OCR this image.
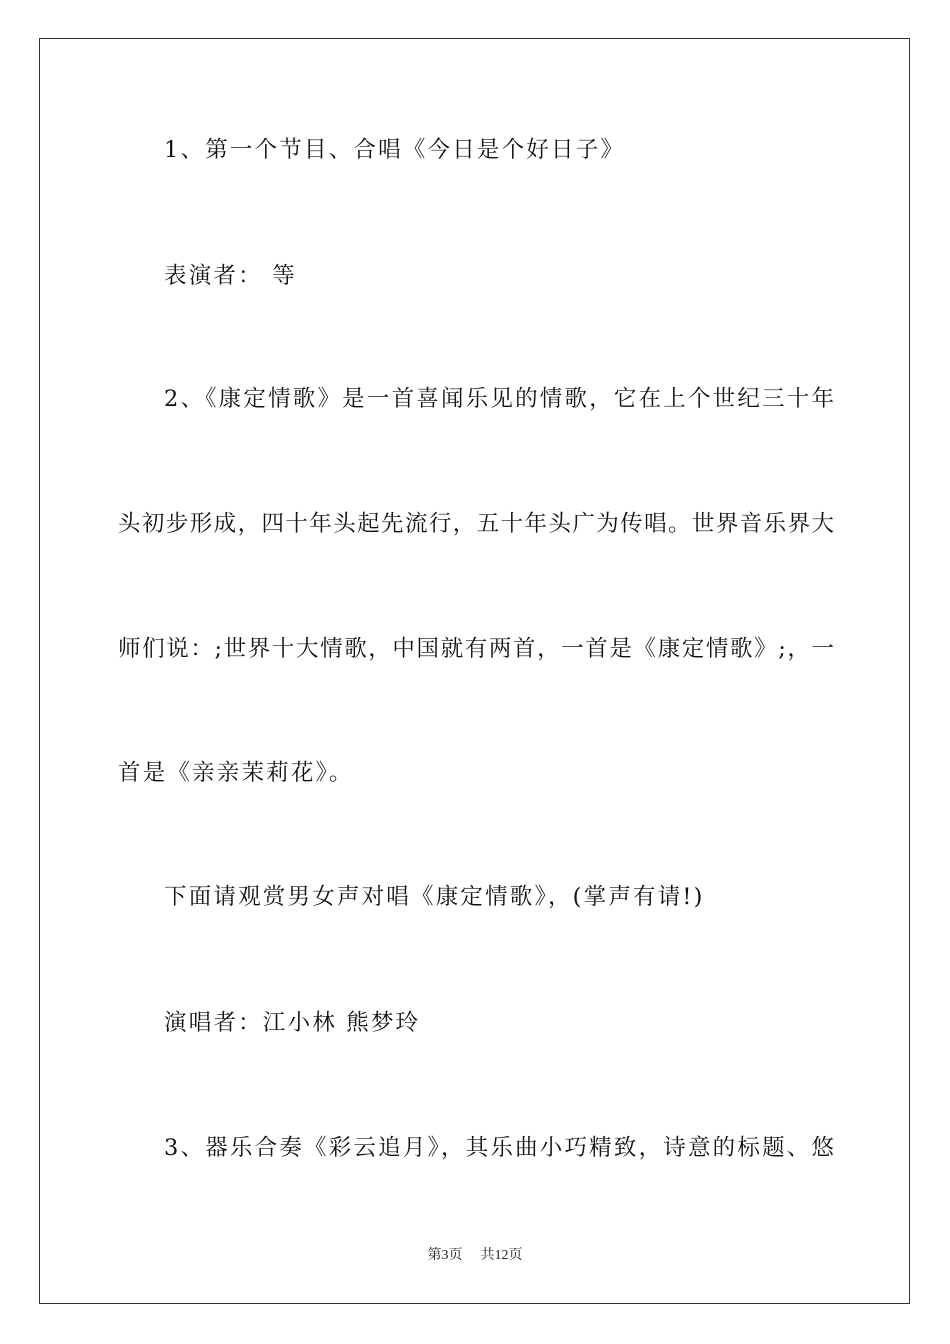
1、第一个节目、合唱《今日是个好日子》
表演者： 等
2、《康定情歌》是一首喜闻乐见的情歌，它在上个世纪三十年
头初步形成，四十年头起先流行，五十年头广为传唱。世界音乐界大
师们说：;世界十大情歌，中国就有两首，一首是《康定情歌》;，一
首是《亲亲茉莉花》。
下面请观赏男女声对唱《康定情歌》，(掌声有请!)
演唱者：江小林 熊梦玲
3、器乐合奏《彩云追月》，其乐曲小巧精致，诗意的标题、悠
第3页 共12页
